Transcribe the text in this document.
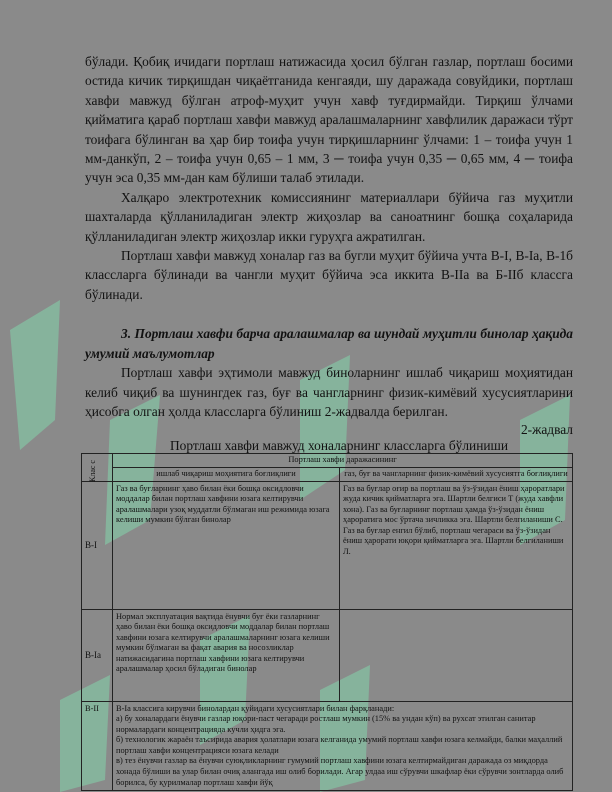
бўлади. Қобиқ ичидаги портлаш натижасида ҳосил бўлган газлар, портлаш босими остида кичик тирқишдан чиқаётганида кенгаяди, шу даражада совуйдики, портлаш хавфи мавжуд бўлган атроф-муҳит учун хавф туғдирмайди. Тирқиш ўлчами қийматига қараб портлаш хавфи мавжуд аралашмаларнинг хавфлилик даражаси тўрт тоифага бўлинган ва ҳар бир тоифа учун тирқишларнинг ўлчами: 1 – тоифа учун 1 мм-данкўп, 2 – тоифа учун 0,65 – 1 мм, 3 ─ тоифа учун 0,35 ─ 0,65 мм, 4 ─ тоифа учун эса 0,35 мм-дан кам бўлиши талаб этилади.

Халқаро электротехник комиссиянинг материаллари бўйича газ муҳитли шахталарда қўлланиладиган электр жиҳозлар ва саноатнинг бошқа соҳаларида қўлланиладиган электр жиҳозлар икки гуруҳга ажратилган.

Портлаш хавфи мавжуд хоналар газ ва бугли муҳит бўйича учта В-I, В-Iа, В-1б классларга бўлинади ва чангли муҳит бўйича эса иккита В-IIа ва Б-IIб классга бўлинади.

3. Портлаш хавфи барча аралашмалар ва шундай муҳитли бинолар ҳақида умумий маълумотлар

Портлаш хавфи эҳтимоли мавжуд биноларнинг ишлаб чиқариш моҳиятидан келиб чиқиб ва шунингдек газ, буғ ва чангларнинг физик-кимёвий хусусиятларини ҳисобга олган ҳолда классларга бўлиниш 2-жадвалда берилган.

2-жадвал

Портлаш хавфи мавжуд хоналарнинг классларга бўлиниши

Клас с	Портлаш хавфи даражасининг	
	ишлаб чиқариш моҳиятига боғлиқлиги	газ, буғ ва чангларнинг физик-кимёвий хусусиятга боғлиқлиги
В-I	Газ ва буғларнинг ҳаво билан ёки бошқа оксидловчи моддалар билан портлаш хавфини юзага келтирувчи аралашмалари узоқ муддатли бўлмаган иш режимида юзага келиши мумкин бўлган бинолар	Газ ва буғлар оғир ва портлаш ва ўз-ўзидан ёниш ҳароратлари жуда кичик қийматларга эга. Шартли белгиси Т (жуда хавфли хона). Газ ва буғларнинг портлаш ҳамда ўз-ўзидан ёниш ҳароратига мос ўртача зичликка эга. Шартли белгиланиши С. Газ ва буғлар енгил бўлиб, портлаш чегараси ва ўз-ўзидан ёниш ҳарорати юқори қийматларга эга. Шартли белгиланиши Л.
В-Iа	Нормал эксплуатация вақтида ёнувчи буғ ёки газларнинг ҳаво билан ёки бошқа оксидловчи моддалар билан портлаш хавфини юзага келтирувчи аралашмаларнинг юзага келиши мумкин бўлмаган ва фақат авария ва носозликлар натижасидагина портлаш хавфини юзага келтирувчи аралашмалар ҳосил бўладиган бинолар	
В-II	В-Iа классига кирувчи бинолардан қуйидаги хусусиятлари билан фарқланади:
а) бу хоналардаги ёнувчи газлар юқори-паст чегаради ростлаш мумкин (15% ва ундан кўп) ва рухсат этилган санитар нормалардаги концентрацияда кучли ҳидга эга.
б) технологик жараён таъсирида авария ҳолатлари юзага келганида умумий портлаш хавфи юзага келмайди, балки маҳаллий портлаш хавфи концентрацияси юзага келади
в) тез ёнувчи газлар ва ёнувчи суюқликларнинг гумумий портлаш хавфини юзага келтирмайдиган даражада оз миқдорда хонада бўлиши ва улар билан очиқ алангада иш олиб борилади. Агар улдаа иш сўрувчи шкафлар ёки сўрувчи зонтларда олиб борилса, бу қурилмалар портлаш хавфи йўқ	
